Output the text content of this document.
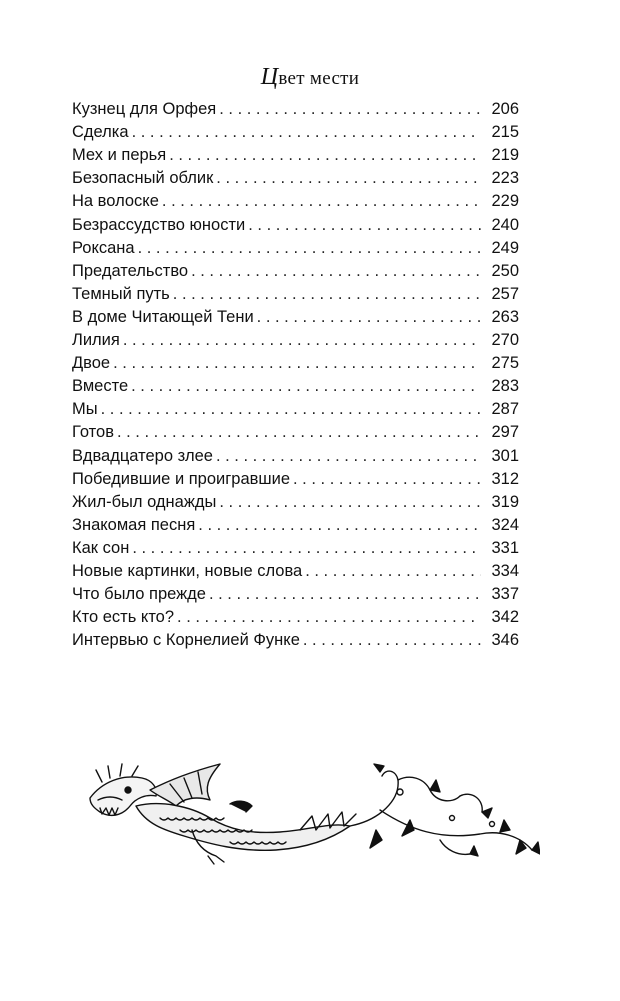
Цвет мести
Кузнец для Орфея . . .	206
Сделка . . .	215
Мех и перья . . .	219
Безопасный облик . . .	223
На волоске . . .	229
Безрассудство юности . . .	240
Роксана . . .	249
Предательство . . .	250
Темный путь . . .	257
В доме Читающей Тени . . .	263
Лилия . . .	270
Двое . . .	275
Вместе . . .	283
Мы . . .	287
Готов . . .	297
Вдвадцатеро злее . . .	301
Победившие и проигравшие . . .	312
Жил-был однажды . . .	319
Знакомая песня . . .	324
Как сон . . .	331
Новые картинки, новые слова . . .	334
Что было прежде . . .	337
Кто есть кто? . . .	342
Интервью с Корнелией Функе . . .	346
